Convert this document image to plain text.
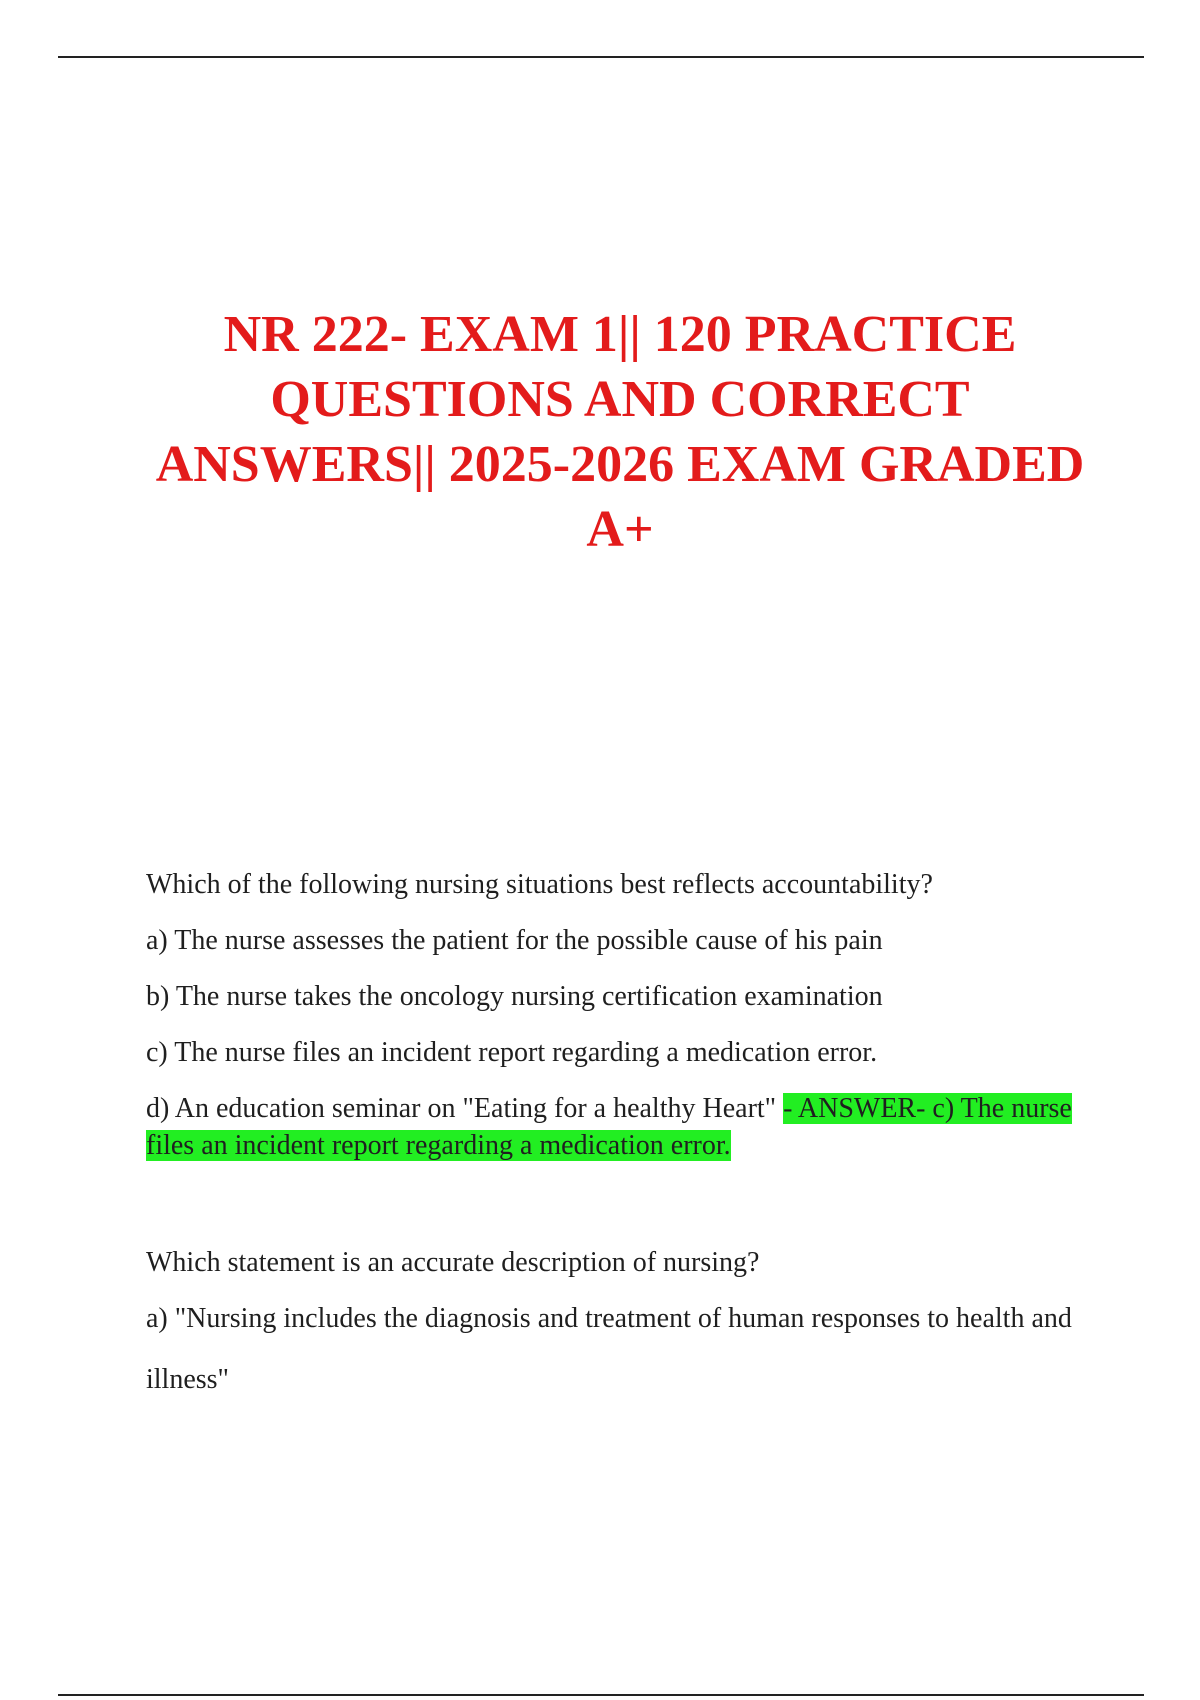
NR 222- EXAM 1|| 120 PRACTICE
QUESTIONS AND CORRECT
ANSWERS|| 2025-2026 EXAM GRADED
A+

Which of the following nursing situations best reflects accountability?

a) The nurse assesses the patient for the possible cause of his pain

b) The nurse takes the oncology nursing certification examination

c) The nurse files an incident report regarding a medication error.

d) An education seminar on "Eating for a healthy Heart" - ANSWER- c) The nurse files an incident report regarding a medication error.

Which statement is an accurate description of nursing?

a) "Nursing includes the diagnosis and treatment of human responses to health and

illness"
